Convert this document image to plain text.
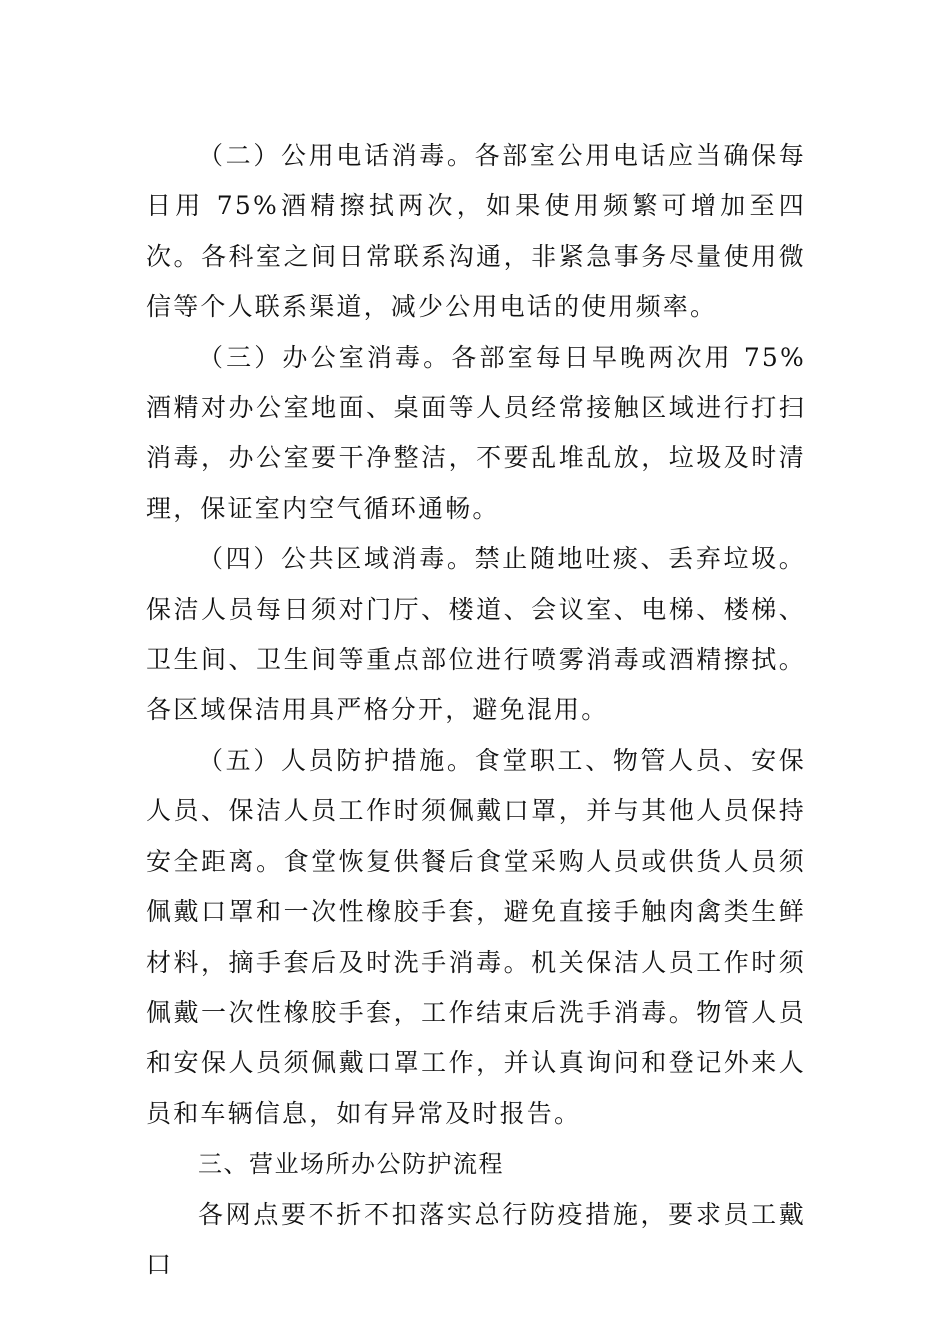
（二）公用电话消毒。各部室公用电话应当确保每日用 75%酒精擦拭两次，如果使用频繁可增加至四次。各科室之间日常联系沟通，非紧急事务尽量使用微信等个人联系渠道，减少公用电话的使用频率。

（三）办公室消毒。各部室每日早晚两次用 75%酒精对办公室地面、桌面等人员经常接触区域进行打扫消毒，办公室要干净整洁，不要乱堆乱放，垃圾及时清理，保证室内空气循环通畅。

（四）公共区域消毒。禁止随地吐痰、丢弃垃圾。保洁人员每日须对门厅、楼道、会议室、电梯、楼梯、卫生间、卫生间等重点部位进行喷雾消毒或酒精擦拭。各区域保洁用具严格分开，避免混用。

（五）人员防护措施。食堂职工、物管人员、安保人员、保洁人员工作时须佩戴口罩，并与其他人员保持安全距离。食堂恢复供餐后食堂采购人员或供货人员须佩戴口罩和一次性橡胶手套，避免直接手触肉禽类生鲜材料，摘手套后及时洗手消毒。机关保洁人员工作时须佩戴一次性橡胶手套，工作结束后洗手消毒。物管人员和安保人员须佩戴口罩工作，并认真询问和登记外来人员和车辆信息，如有异常及时报告。

三、营业场所办公防护流程

各网点要不折不扣落实总行防疫措施，要求员工戴口
